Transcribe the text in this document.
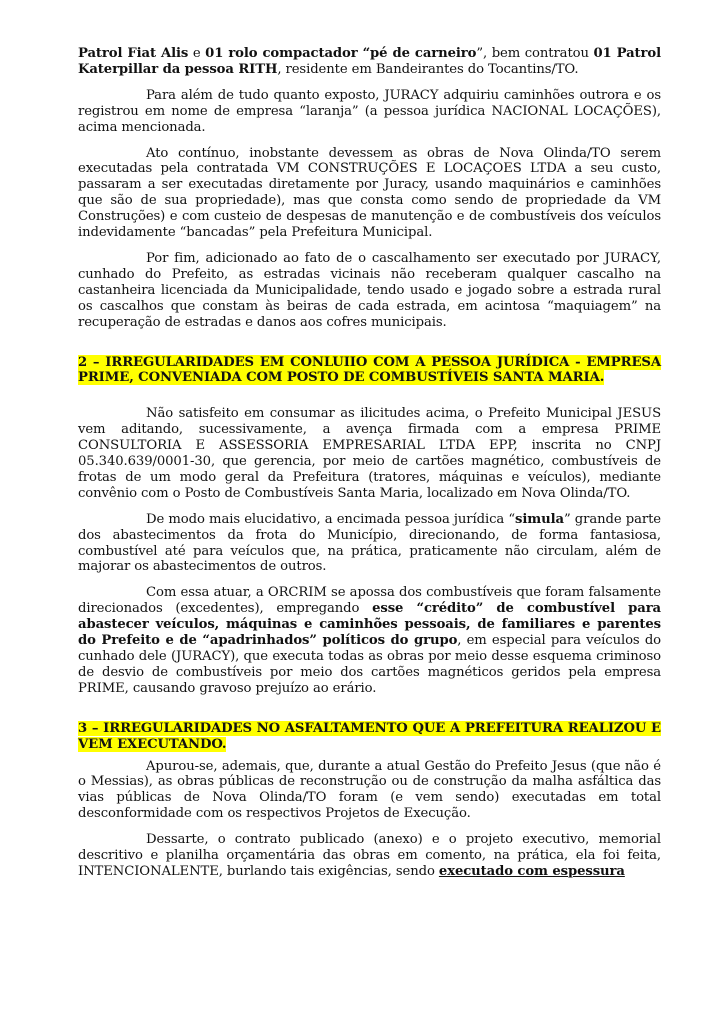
Patrol Fiat Alis e 01 rolo compactador “pé de carneiro”, bem contratou 01 Patrol Katerpillar da pessoa RITH, residente em Bandeirantes do Tocantins/TO.

Para além de tudo quanto exposto, JURACY adquiriu caminhões outrora e os registrou em nome de empresa “laranja” (a pessoa jurídica NACIONAL LOCAÇÕES), acima mencionada.

Ato contínuo, inobstante devessem as obras de Nova Olinda/TO serem executadas pela contratada VM CONSTRUÇÕES E LOCAÇOES LTDA a seu custo, passaram a ser executadas diretamente por Juracy, usando maquinários e caminhões que são de sua propriedade), mas que consta como sendo de propriedade da VM Construções) e com custeio de despesas de manutenção e de combustíveis dos veículos indevidamente “bancadas” pela Prefeitura Municipal.

Por fim, adicionado ao fato de o cascalhamento ser executado por JURACY, cunhado do Prefeito, as estradas vicinais não receberam qualquer cascalho na castanheira licenciada da Municipalidade, tendo usado e jogado sobre a estrada rural os cascalhos que constam às beiras de cada estrada, em acintosa “maquiagem” na recuperação de estradas e danos aos cofres municipais.

2 – IRREGULARIDADES EM CONLUIIO COM A PESSOA JURÍDICA - EMPRESA PRIME, CONVENIADA COM POSTO DE COMBUSTÍVEIS SANTA MARIA.

Não satisfeito em consumar as ilicitudes acima, o Prefeito Municipal JESUS vem aditando, sucessivamente, a avença firmada com a empresa PRIME CONSULTORIA E ASSESSORIA EMPRESARIAL LTDA EPP, inscrita no CNPJ 05.340.639/0001-30, que gerencia, por meio de cartões magnético, combustíveis de frotas de um modo geral da Prefeitura (tratores, máquinas e veículos), mediante convênio com o Posto de Combustíveis Santa Maria, localizado em Nova Olinda/TO.

De modo mais elucidativo, a encimada pessoa jurídica “simula” grande parte dos abastecimentos da frota do Município, direcionando, de forma fantasiosa, combustível até para veículos que, na prática, praticamente não circulam, além de majorar os abastecimentos de outros.

Com essa atuar, a ORCRIM se apossa dos combustíveis que foram falsamente direcionados (excedentes), empregando esse “crédito” de combustível para abastecer veículos, máquinas e caminhões pessoais, de familiares e parentes do Prefeito e de “apadrinhados” políticos do grupo, em especial para veículos do cunhado dele (JURACY), que executa todas as obras por meio desse esquema criminoso de desvio de combustíveis por meio dos cartões magnéticos geridos pela empresa PRIME, causando gravoso prejuízo ao erário.

3 – IRREGULARIDADES NO ASFALTAMENTO QUE A PREFEITURA REALIZOU E VEM EXECUTANDO.

Apurou-se, ademais, que, durante a atual Gestão do Prefeito Jesus (que não é o Messias), as obras públicas de reconstrução ou de construção da malha asfáltica das vias públicas de Nova Olinda/TO foram (e vem sendo) executadas em total desconformidade com os respectivos Projetos de Execução.

Dessarte, o contrato publicado (anexo) e o projeto executivo, memorial descritivo e planilha orçamentária das obras em comento, na prática, ela foi feita, INTENCIONALENTE, burlando tais exigências, sendo executado com espessura
